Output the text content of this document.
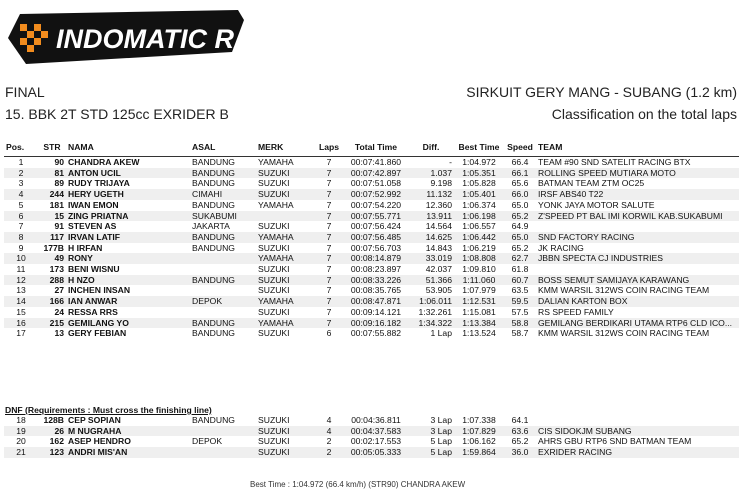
INDOMATIC RACE
FINAL
15. BBK 2T STD 125cc EXRIDER B
SIRKUIT GERY MANG - SUBANG (1.2 km)
Classification on the total laps
Pos.	STR	NAMA	ASAL	MERK	Laps	Total Time	Diff.	Best Time	Speed	TEAM

1	90	CHANDRA AKEW	BANDUNG	YAMAHA	7	00:07:41.860	-	1:04.972	66.4	TEAM #90 SND SATELIT RACING BTX
2	81	ANTON UCIL	BANDUNG	SUZUKI	7	00:07:42.897	1.037	1:05.351	66.1	ROLLING SPEED MUTIARA MOTO
3	89	RUDY TRIJAYA	BANDUNG	SUZUKI	7	00:07:51.058	9.198	1:05.828	65.6	BATMAN TEAM ZTM OC25
4	244	HERY UGETH	CIMAHI	SUZUKI	7	00:07:52.992	11.132	1:05.401	66.0	IRSF ABS40 T22
5	181	IWAN EMON	BANDUNG	YAMAHA	7	00:07:54.220	12.360	1:06.374	65.0	YONK JAYA MOTOR SALUTE
6	15	ZING PRIATNA	SUKABUMI		7	00:07:55.771	13.911	1:06.198	65.2	Z'SPEED PT BAL IMI KORWIL KAB.SUKABUMI
7	91	STEVEN AS	JAKARTA	SUZUKI	7	00:07:56.424	14.564	1:06.557	64.9	
8	117	IRVAN LATIF	BANDUNG	YAMAHA	7	00:07:56.485	14.625	1:06.442	65.0	SND FACTORY RACING
9	177B	H IRFAN	BANDUNG	SUZUKI	7	00:07:56.703	14.843	1:06.219	65.2	JK RACING
10	49	RONY		YAMAHA	7	00:08:14.879	33.019	1:08.808	62.7	JBBN SPECTA CJ INDUSTRIES
11	173	BENI WISNU		SUZUKI	7	00:08:23.897	42.037	1:09.810	61.8	
12	288	H NZO	BANDUNG	SUZUKI	7	00:08:33.226	51.366	1:11.060	60.7	BOSS SEMUT SAMIJAYA KARAWANG
13	27	INCHEN INSAN		SUZUKI	7	00:08:35.765	53.905	1:07.979	63.5	KMM WARSIL 312WS COIN RACING TEAM
14	166	IAN ANWAR	DEPOK	YAMAHA	7	00:08:47.871	1:06.011	1:12.531	59.5	DALIAN KARTON BOX
15	24	RESSA RRS		SUZUKI	7	00:09:14.121	1:32.261	1:15.081	57.5	RS SPEED FAMILY
16	215	GEMILANG YO	BANDUNG	YAMAHA	7	00:09:16.182	1:34.322	1:13.384	58.8	GEMILANG BERDIKARI UTAMA RTP6 CLD ICO...
17	13	GERY FEBIAN	BANDUNG	SUZUKI	6	00:07:55.882	1 Lap	1:13.524	58.7	KMM WARSIL 312WS COIN RACING TEAM
DNF (Requirements : Must cross the finishing line)
18	128B	CEP SOPIAN	BANDUNG	SUZUKI	4	00:04:36.811	3 Lap	1:07.338	64.1	
19	26	M NUGRAHA		SUZUKI	4	00:04:37.583	3 Lap	1:07.829	63.6	CIS SIDOKJM SUBANG
20	162	ASEP HENDRO	DEPOK	SUZUKI	2	00:02:17.553	5 Lap	1:06.162	65.2	AHRS GBU RTP6 SND BATMAN TEAM
21	123	ANDRI MIS'AN		SUZUKI	2	00:05:05.333	5 Lap	1:59.864	36.0	EXRIDER RACING
Best Time : 1:04.972 (66.4 km/h) (STR90) CHANDRA AKEW
